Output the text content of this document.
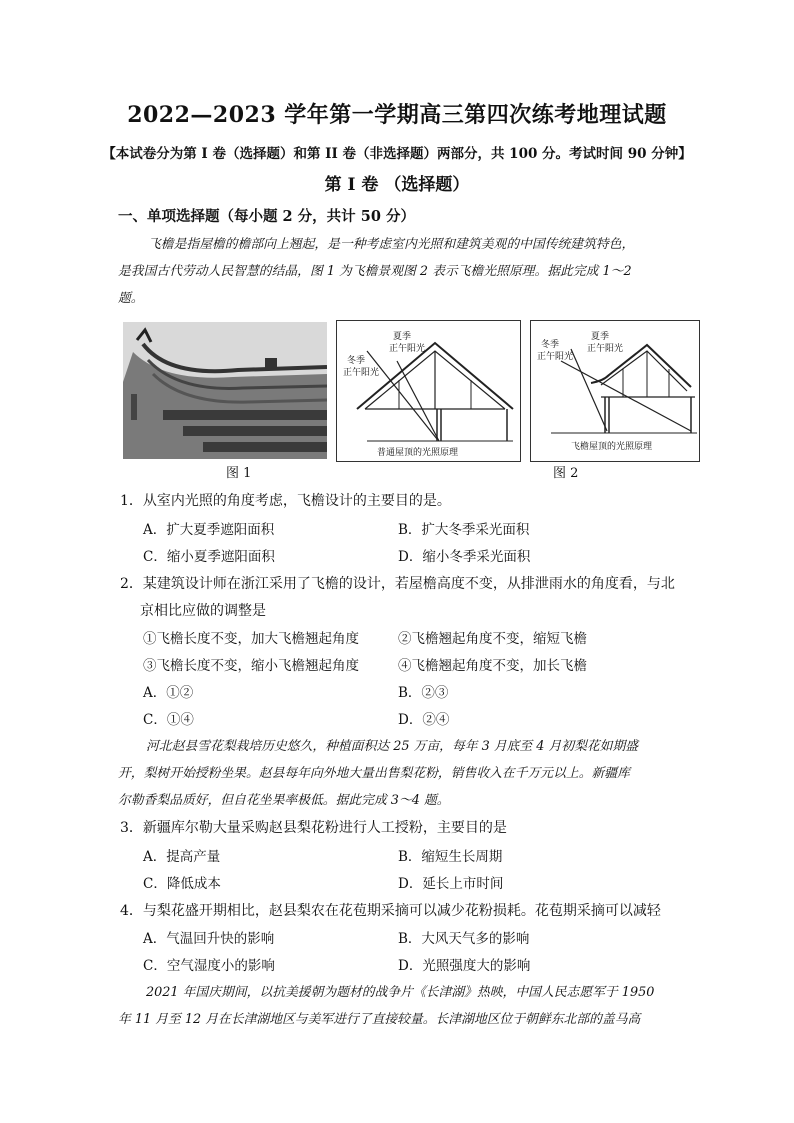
2022—2023 学年第一学期高三第四次练考地理试题
【本试卷分为第 I 卷（选择题）和第 II 卷（非选择题）两部分，共 100 分。考试时间 90 分钟】
第 I 卷 （选择题）
一、单项选择题（每小题 2 分，共计 50 分）
飞檐是指屋檐的檐部向上翘起，是一种考虑室内光照和建筑美观的中国传统建筑特色，
是我国古代劳动人民智慧的结晶，图 1 为飞檐景观图 2 表示飞檐光照原理。据此完成 1～2
题。
图 1
夏季
正午阳光
冬季
正午阳光
普通屋顶的光照原理
夏季
正午阳光
冬季
正午阳光
飞檐屋顶的光照原理
图 2
1．从室内光照的角度考虑，飞檐设计的主要目的是。
A．扩大夏季遮阳面积	B．扩大冬季采光面积
C．缩小夏季遮阳面积	D．缩小冬季采光面积
2．某建筑设计师在浙江采用了飞檐的设计，若屋檐高度不变，从排泄雨水的角度看，与北
京相比应做的调整是
①飞檐长度不变，加大飞檐翘起角度	②飞檐翘起角度不变，缩短飞檐
③飞檐长度不变，缩小飞檐翘起角度	④飞檐翘起角度不变，加长飞檐
A．①②	B．②③
C．①④	D．②④
河北赵县雪花梨栽培历史悠久，种植面积达 25 万亩，每年 3 月底至 4 月初梨花如期盛
开，梨树开始授粉坐果。赵县每年向外地大量出售梨花粉，销售收入在千万元以上。新疆库
尔勒香梨品质好，但自花坐果率极低。据此完成 3～4 题。
3．新疆库尔勒大量采购赵县梨花粉进行人工授粉，主要目的是
A．提高产量	B．缩短生长周期
C．降低成本	D．延长上市时间
4．与梨花盛开期相比，赵县梨农在花苞期采摘可以减少花粉损耗。花苞期采摘可以减轻
A．气温回升快的影响	B．大风天气多的影响
C．空气湿度小的影响	D．光照强度大的影响
2021 年国庆期间，以抗美援朝为题材的战争片《长津湖》热映，中国人民志愿军于 1950
年 11 月至 12 月在长津湖地区与美军进行了直接较量。长津湖地区位于朝鲜东北部的盖马高
